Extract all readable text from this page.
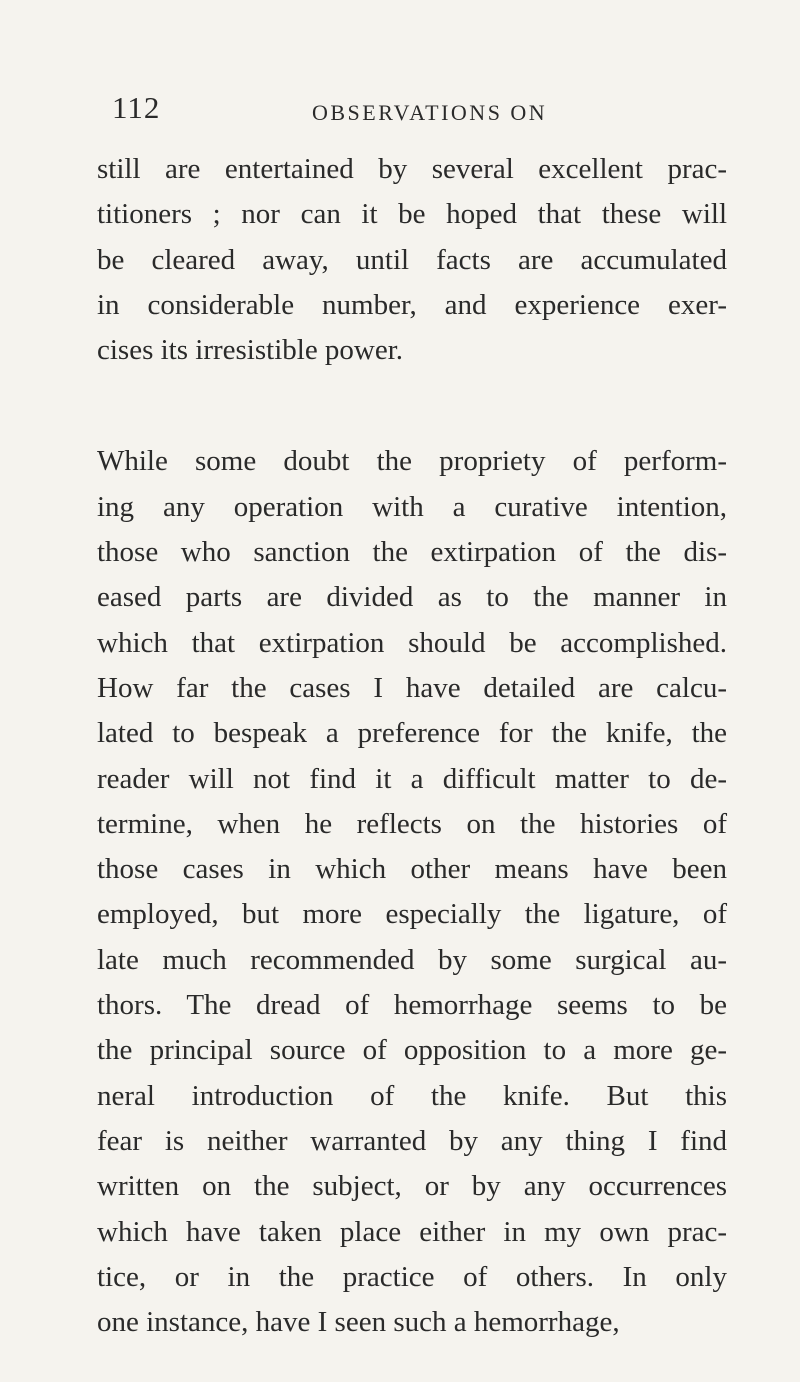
112	OBSERVATIONS ON
still are entertained by several excellent prac-
titioners ; nor can it be hoped that these will
be cleared away, until facts are accumulated
in considerable number, and experience exer-
cises its irresistible power.
While some doubt the propriety of perform-
ing any operation with a curative intention,
those who sanction the extirpation of the dis-
eased parts are divided as to the manner in
which that extirpation should be accomplished.
How far the cases I have detailed are calcu-
lated to bespeak a preference for the knife, the
reader will not find it a difficult matter to de-
termine, when he reflects on the histories of
those cases in which other means have been
employed, but more especially the ligature, of
late much recommended by some surgical au-
thors. The dread of hemorrhage seems to be
the principal source of opposition to a more ge-
neral introduction of the knife. But this
fear is neither warranted by any thing I find
written on the subject, or by any occurrences
which have taken place either in my own prac-
tice, or in the practice of others. In only
one instance, have I seen such a hemorrhage,
